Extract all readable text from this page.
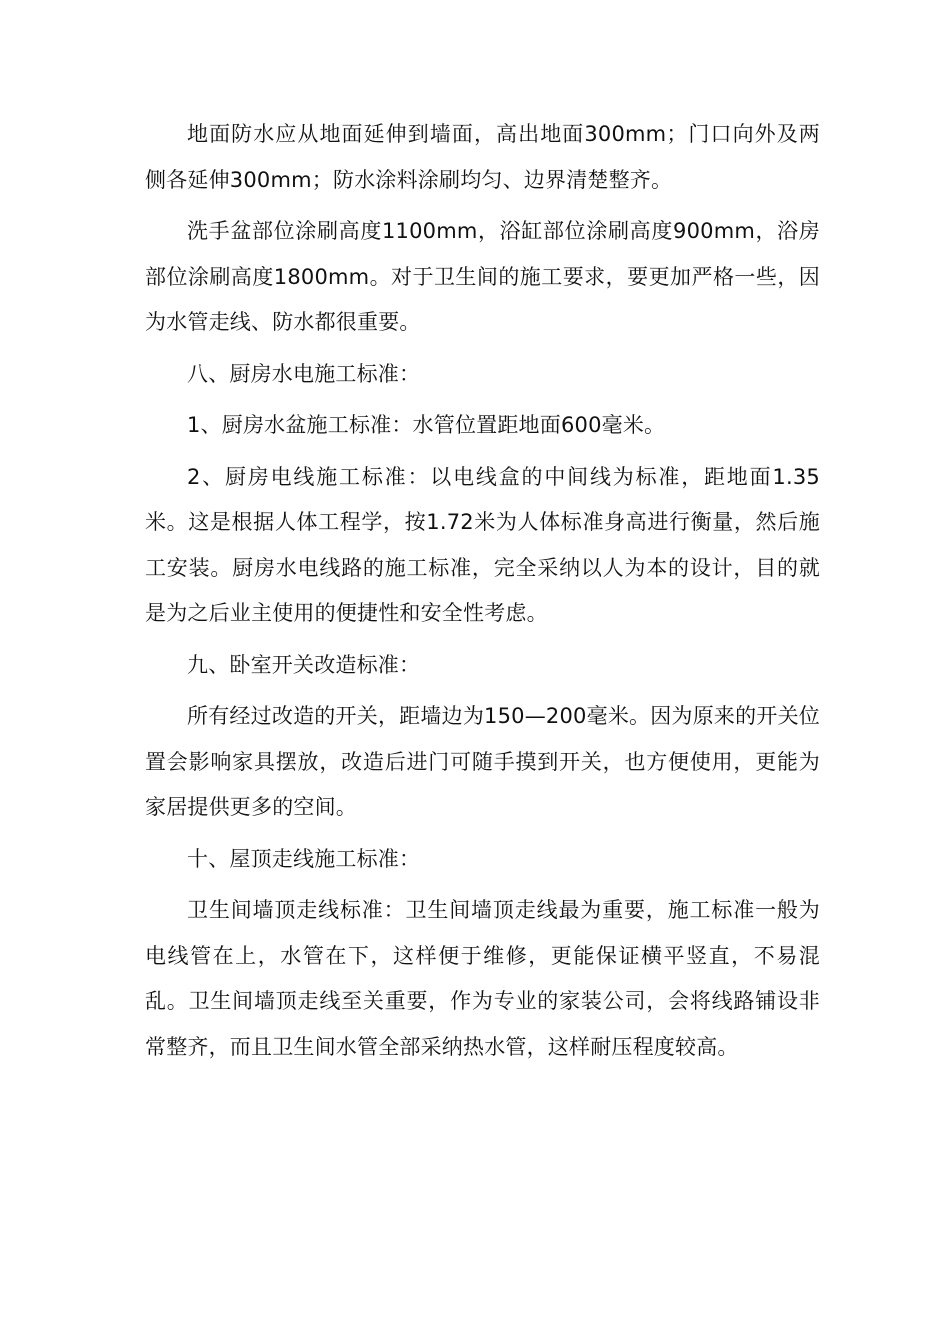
地面防水应从地面延伸到墙面，高出地面300mm；门口向外及两侧各延伸300mm；防水涂料涂刷均匀、边界清楚整齐。

洗手盆部位涂刷高度1100mm，浴缸部位涂刷高度900mm，浴房部位涂刷高度1800mm。对于卫生间的施工要求，要更加严格一些，因为水管走线、防水都很重要。

八、厨房水电施工标准：

1、厨房水盆施工标准：水管位置距地面600毫米。

2、厨房电线施工标准：以电线盒的中间线为标准，距地面1.35米。这是根据人体工程学，按1.72米为人体标准身高进行衡量，然后施工安装。厨房水电线路的施工标准，完全采纳以人为本的设计，目的就是为之后业主使用的便捷性和安全性考虑。

九、卧室开关改造标准：

所有经过改造的开关，距墙边为150—200毫米。因为原来的开关位置会影响家具摆放，改造后进门可随手摸到开关，也方便使用，更能为家居提供更多的空间。

十、屋顶走线施工标准：

卫生间墙顶走线标准：卫生间墙顶走线最为重要，施工标准一般为电线管在上，水管在下，这样便于维修，更能保证横平竖直，不易混乱。卫生间墙顶走线至关重要，作为专业的家装公司，会将线路铺设非常整齐，而且卫生间水管全部采纳热水管，这样耐压程度较高。
